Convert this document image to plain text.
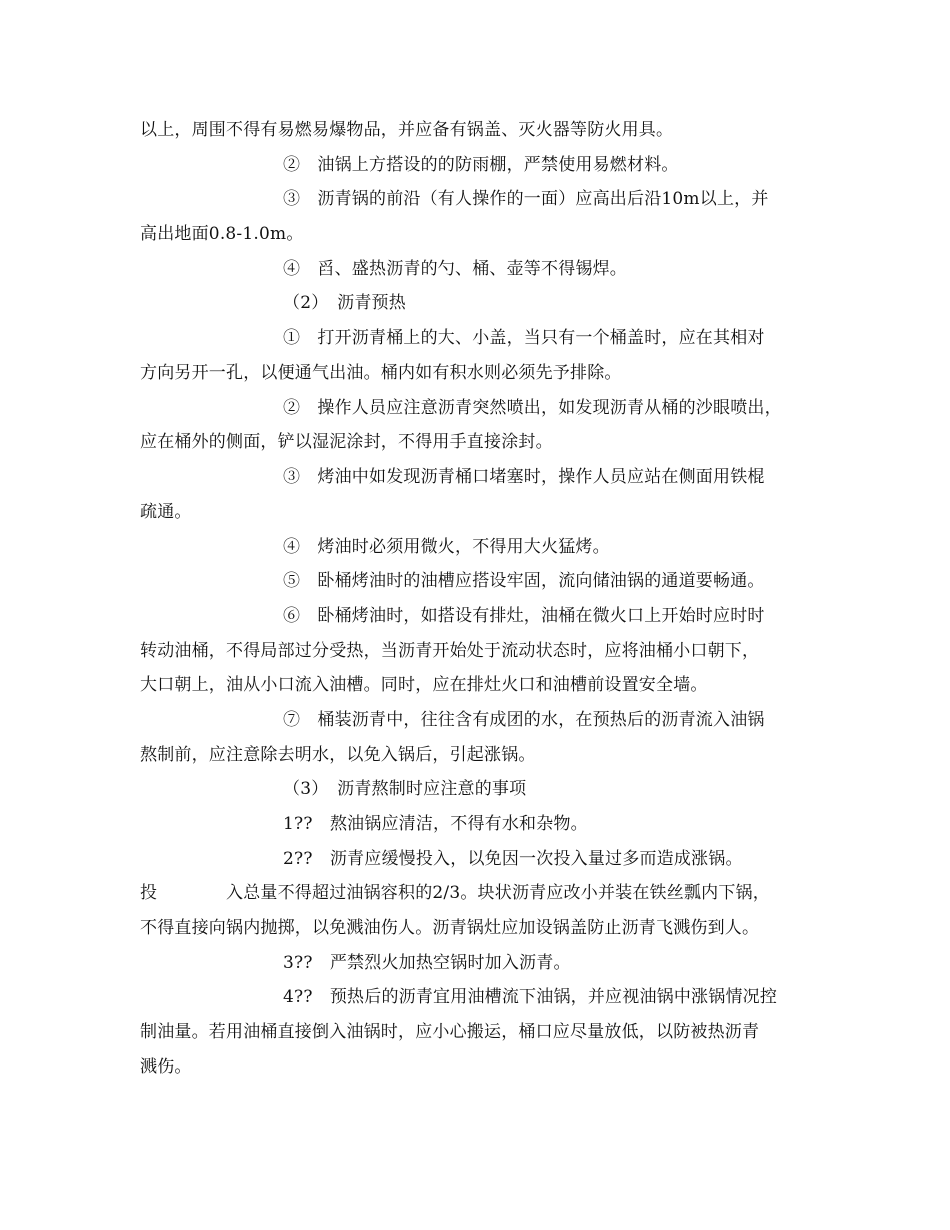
以上，周围不得有易燃易爆物品，并应备有锅盖、灭火器等防火用具。
②　油锅上方搭设的的防雨棚，严禁使用易燃材料。
③　沥青锅的前沿（有人操作的一面）应高出后沿10m以上，并
高出地面0.8-1.0m。
④　舀、盛热沥青的勺、桶、壶等不得锡焊。
（2）　沥青预热
①　打开沥青桶上的大、小盖，当只有一个桶盖时，应在其相对
方向另开一孔，以便通气出油。桶内如有积水则必须先予排除。
②　操作人员应注意沥青突然喷出，如发现沥青从桶的沙眼喷出，
应在桶外的侧面，铲以湿泥涂封，不得用手直接涂封。
③　烤油中如发现沥青桶口堵塞时，操作人员应站在侧面用铁棍
疏通。
④　烤油时必须用微火，不得用大火猛烤。
⑤　卧桶烤油时的油槽应搭设牢固，流向储油锅的通道要畅通。
⑥　卧桶烤油时，如搭设有排灶，油桶在微火口上开始时应时时
转动油桶，不得局部过分受热，当沥青开始处于流动状态时，应将油桶小口朝下，
大口朝上，油从小口流入油槽。同时，应在排灶火口和油槽前设置安全墙。
⑦　桶装沥青中，往往含有成团的水，在预热后的沥青流入油锅
熬制前，应注意除去明水，以免入锅后，引起涨锅。
（3）　沥青熬制时应注意的事项
1??　熬油锅应清洁，不得有水和杂物。
2??　沥青应缓慢投入，以免因一次投入量过多而造成涨锅。
投	入总量不得超过油锅容积的2/3。块状沥青应改小并装在铁丝瓢内下锅，
不得直接向锅内抛掷，以免溅油伤人。沥青锅灶应加设锅盖防止沥青飞溅伤到人。
3??　严禁烈火加热空锅时加入沥青。
4??　预热后的沥青宜用油槽流下油锅，并应视油锅中涨锅情况控
制油量。若用油桶直接倒入油锅时，应小心搬运，桶口应尽量放低，以防被热沥青
溅伤。
